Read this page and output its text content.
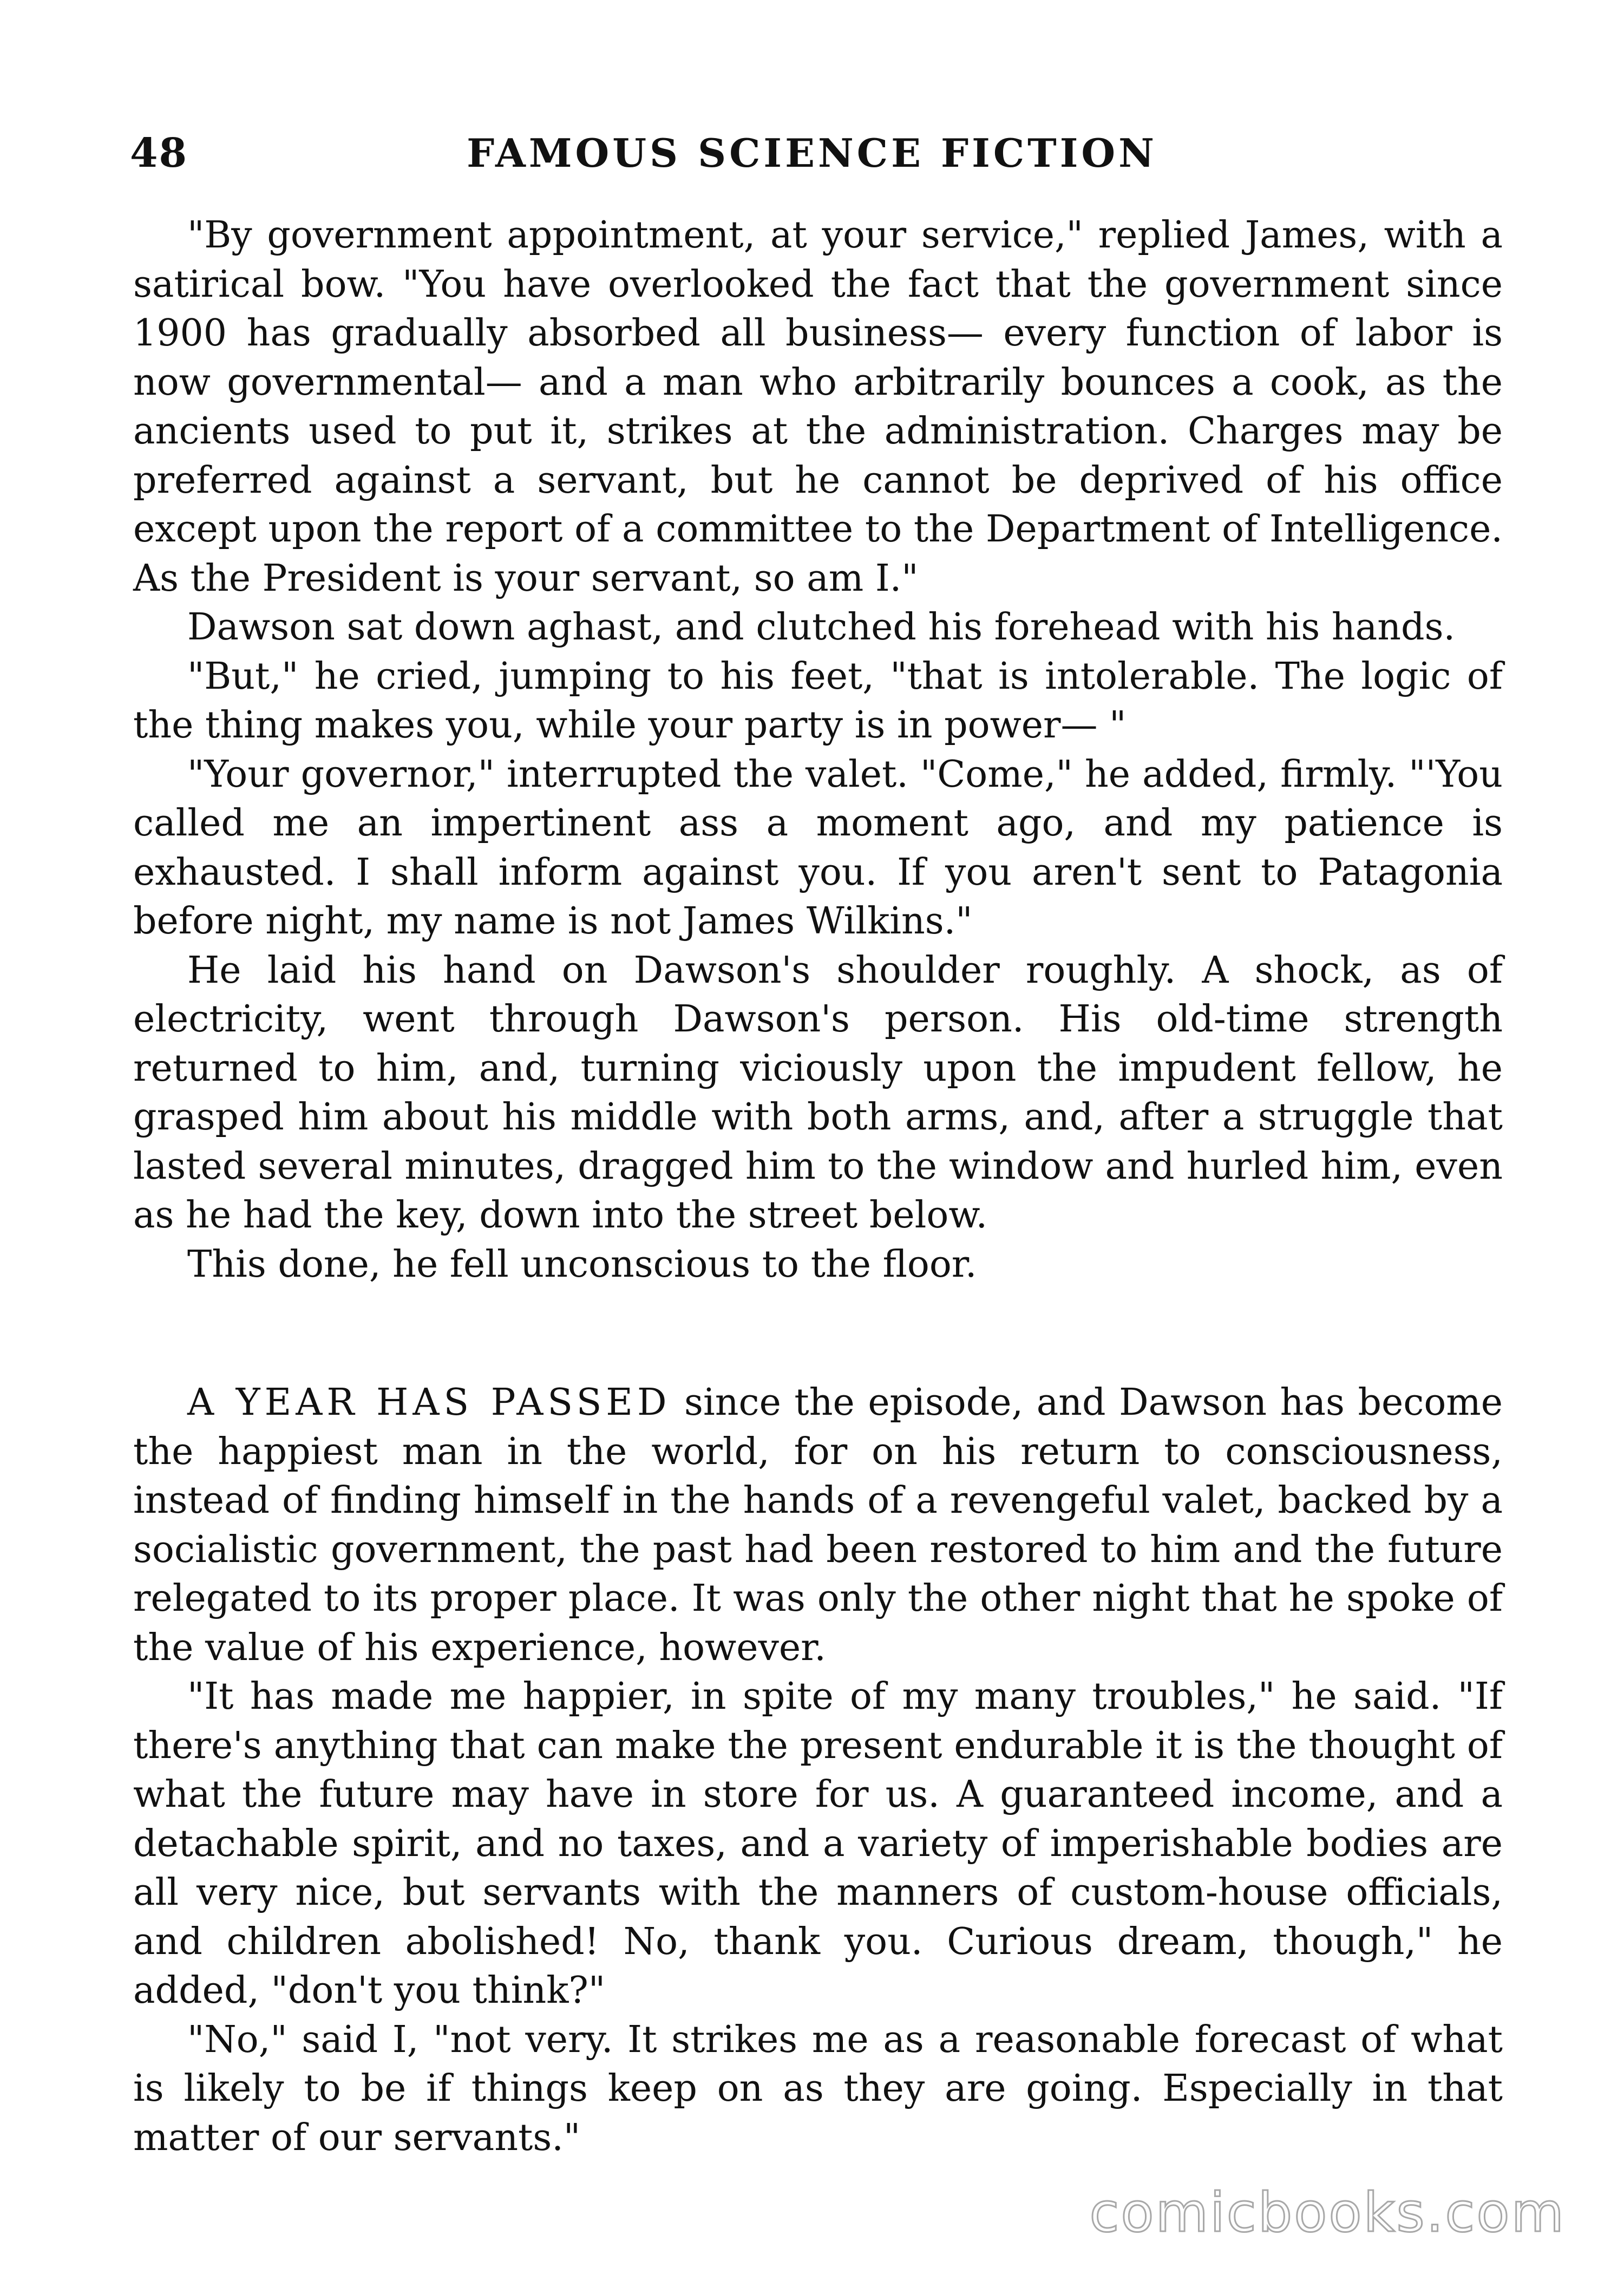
48	FAMOUS SCIENCE FICTION

"By government appointment, at your service," replied James, with a satirical bow. "You have overlooked the fact that the government since 1900 has gradually absorbed all business— every function of labor is now governmental— and a man who arbitrarily bounces a cook, as the ancients used to put it, strikes at the administration. Charges may be preferred against a servant, but he cannot be deprived of his office except upon the report of a committee to the Department of Intelligence. As the President is your servant, so am I."

Dawson sat down aghast, and clutched his forehead with his hands.

"But," he cried, jumping to his feet, "that is intolerable. The logic of the thing makes you, while your party is in power— "

"Your governor," interrupted the valet. "Come," he added, firmly. "'You called me an impertinent ass a moment ago, and my patience is exhausted. I shall inform against you. If you aren't sent to Patagonia before night, my name is not James Wilkins."

He laid his hand on Dawson's shoulder roughly. A shock, as of electricity, went through Dawson's person. His old-time strength returned to him, and, turning viciously upon the impudent fellow, he grasped him about his middle with both arms, and, after a struggle that lasted several minutes, dragged him to the window and hurled him, even as he had the key, down into the street below.

This done, he fell unconscious to the floor.

A YEAR HAS PASSED since the episode, and Dawson has become the happiest man in the world, for on his return to consciousness, instead of finding himself in the hands of a revengeful valet, backed by a socialistic government, the past had been restored to him and the future relegated to its proper place. It was only the other night that he spoke of the value of his experience, however.

"It has made me happier, in spite of my many troubles," he said. "If there's anything that can make the present endurable it is the thought of what the future may have in store for us. A guaranteed income, and a detachable spirit, and no taxes, and a variety of imperishable bodies are all very nice, but servants with the manners of custom-house officials, and children abolished! No, thank you. Curious dream, though," he added, "don't you think?"

"No," said I, "not very. It strikes me as a reasonable forecast of what is likely to be if things keep on as they are going. Especially in that matter of our servants."

comicbooks.com
